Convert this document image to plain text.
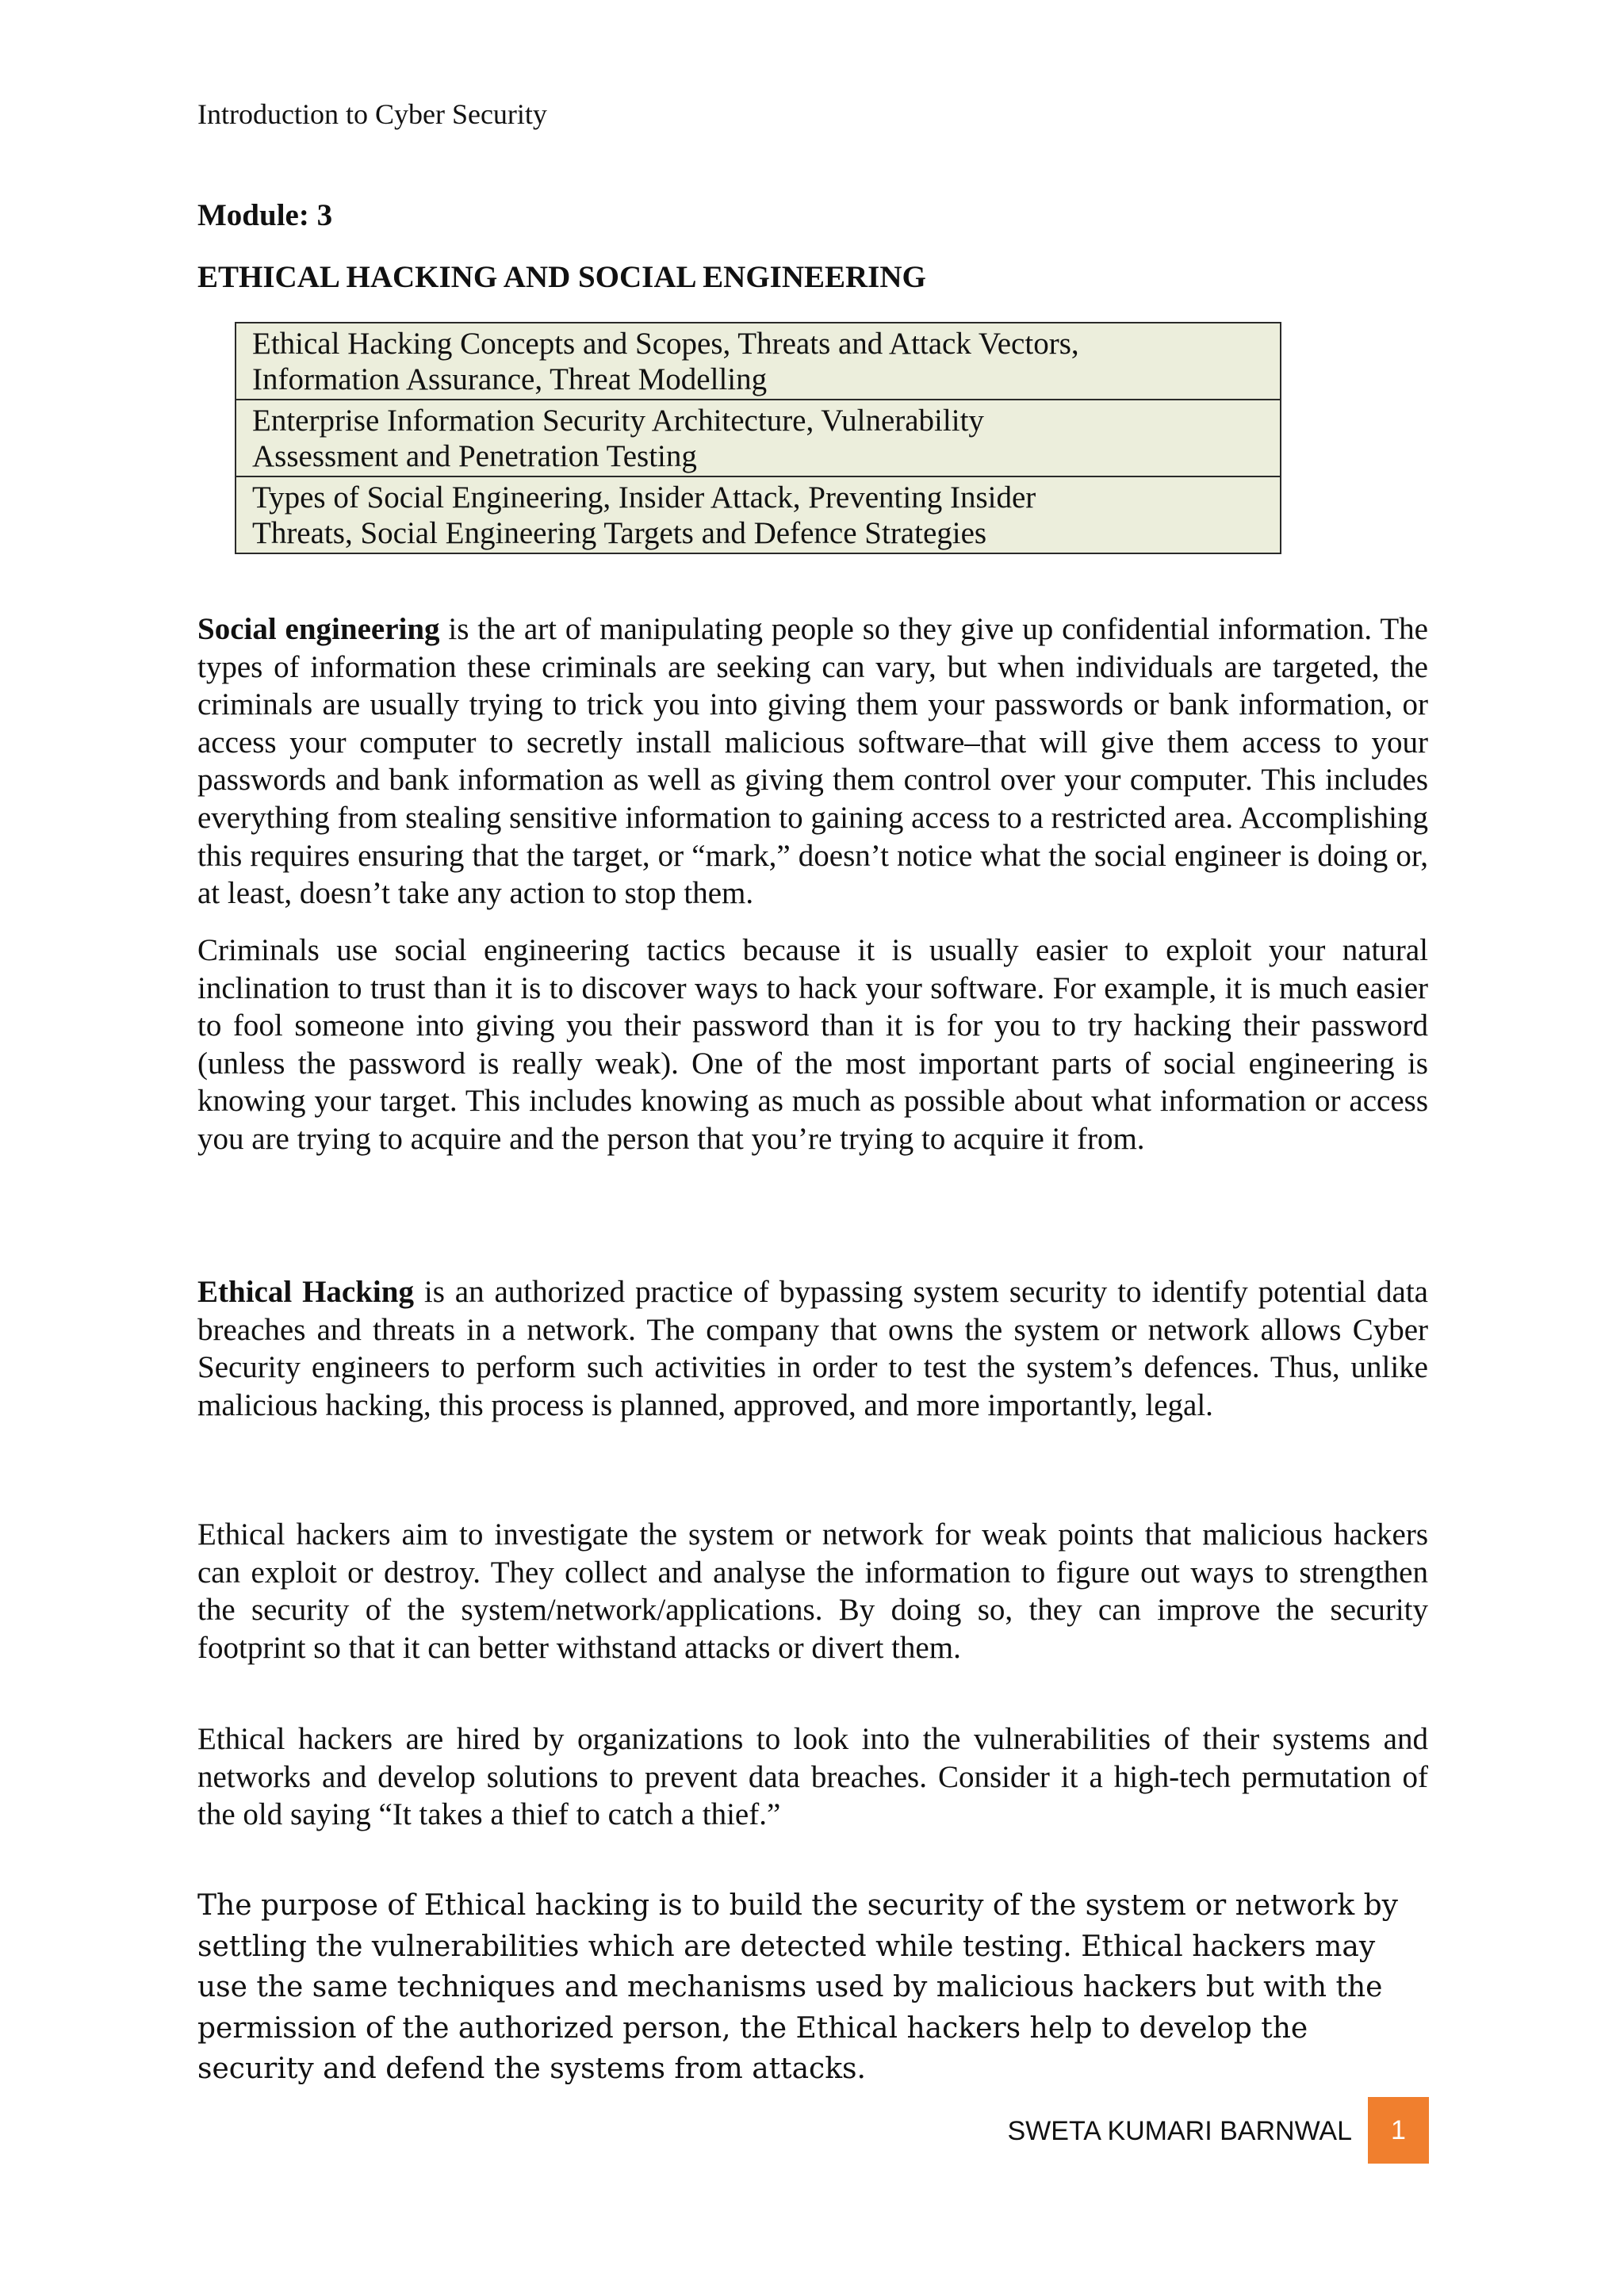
Introduction to Cyber Security
Module: 3
ETHICAL HACKING AND SOCIAL ENGINEERING
Ethical Hacking Concepts and Scopes, Threats and Attack Vectors, Information Assurance, Threat Modelling

Enterprise Information Security Architecture, Vulnerability Assessment and Penetration Testing

Types of Social Engineering, Insider Attack, Preventing Insider Threats, Social Engineering Targets and Defence Strategies

Social engineering is the art of manipulating people so they give up confidential information. The types of information these criminals are seeking can vary, but when individuals are targeted, the criminals are usually trying to trick you into giving them your passwords or bank information, or access your computer to secretly install malicious software–that will give them access to your passwords and bank information as well as giving them control over your computer. This includes everything from stealing sensitive information to gaining access to a restricted area. Accomplishing this requires ensuring that the target, or “mark,” doesn’t notice what the social engineer is doing or, at least, doesn’t take any action to stop them.

Criminals use social engineering tactics because it is usually easier to exploit your natural inclination to trust than it is to discover ways to hack your software. For example, it is much easier to fool someone into giving you their password than it is for you to try hacking their password (unless the password is really weak). One of the most important parts of social engineering is knowing your target. This includes knowing as much as possible about what information or access you are trying to acquire and the person that you’re trying to acquire it from.

Ethical Hacking is an authorized practice of bypassing system security to identify potential data breaches and threats in a network. The company that owns the system or network allows Cyber Security engineers to perform such activities in order to test the system’s defences. Thus, unlike malicious hacking, this process is planned, approved, and more importantly, legal.

Ethical hackers aim to investigate the system or network for weak points that malicious hackers can exploit or destroy. They collect and analyse the information to figure out ways to strengthen the security of the system/network/applications. By doing so, they can improve the security footprint so that it can better withstand attacks or divert them.

Ethical hackers are hired by organizations to look into the vulnerabilities of their systems and networks and develop solutions to prevent data breaches. Consider it a high-tech permutation of the old saying “It takes a thief to catch a thief.”

The purpose of Ethical hacking is to build the security of the system or network by settling the vulnerabilities which are detected while testing. Ethical hackers may use the same techniques and mechanisms used by malicious hackers but with the permission of the authorized person, the Ethical hackers help to develop the security and defend the systems from attacks.

SWETA KUMARI BARNWAL	1
